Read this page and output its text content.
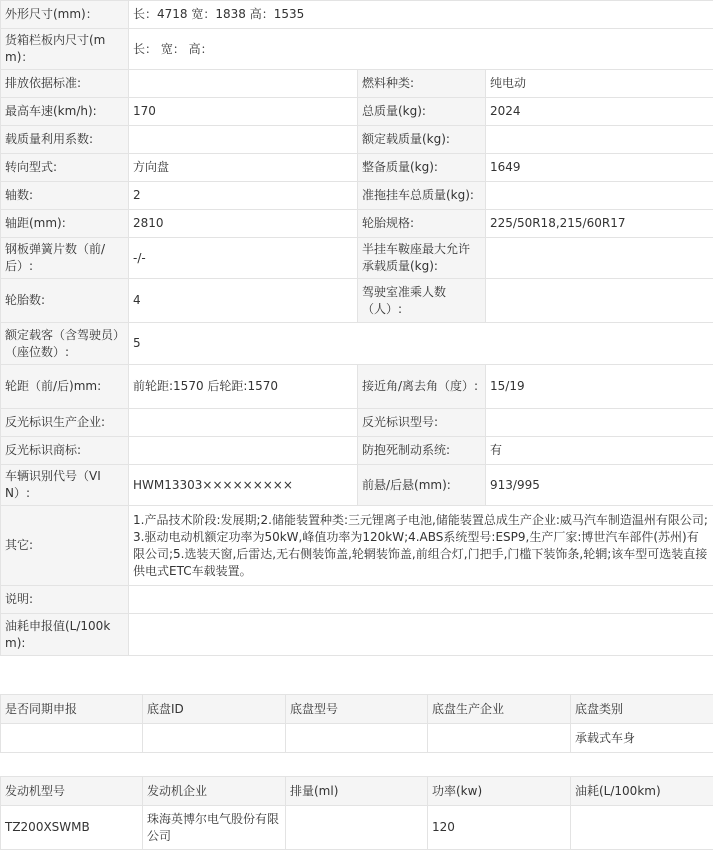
外形尺寸(mm)：	长：4718 宽：1838 高：1535		
货箱栏板内尺寸(mm)：	长： 宽： 高：		
排放依据标准:		燃料种类:	纯电动
最高车速(km/h):	170	总质量(kg):	2024
载质量利用系数:		额定载质量(kg):	
转向型式:	方向盘	整备质量(kg):	1649
轴数:	2	准拖挂车总质量(kg):	
轴距(mm):	2810	轮胎规格:	225/50R18,215/60R17
钢板弹簧片数（前/后）:	-/-	半挂车鞍座最大允许承载质量(kg):	
轮胎数:	4	驾驶室准乘人数（人）:	
额定载客（含驾驶员）（座位数）:	5		
轮距（前/后)mm:	前轮距:1570 后轮距:1570	接近角/离去角（度）:	15/19
反光标识生产企业:		反光标识型号:	
反光标识商标:		防抱死制动系统:	有
车辆识别代号（VIN）:	HWM13303×××××××××	前悬/后悬(mm):	913/995
其它:	1.产品技术阶段:发展期;2.储能装置种类:三元锂离子电池,储能装置总成生产企业:威马汽车制造温州有限公司;3.驱动电动机额定功率为50kW,峰值功率为120kW;4.ABS系统型号:ESP9,生产厂家:博世汽车部件(苏州)有限公司;5.选装天窗,后雷达,无右侧装饰盖,轮辋装饰盖,前组合灯,门把手,门槛下装饰条,轮辋;该车型可选装直接供电式ETC车载装置。		
说明:			
油耗申报值(L/100km):			
是否同期申报	底盘ID	底盘型号	底盘生产企业	底盘类别
				承载式车身
发动机型号	发动机企业	排量(ml)	功率(kw)	油耗(L/100km)
TZ200XSWMB	珠海英博尔电气股份有限公司		120	
